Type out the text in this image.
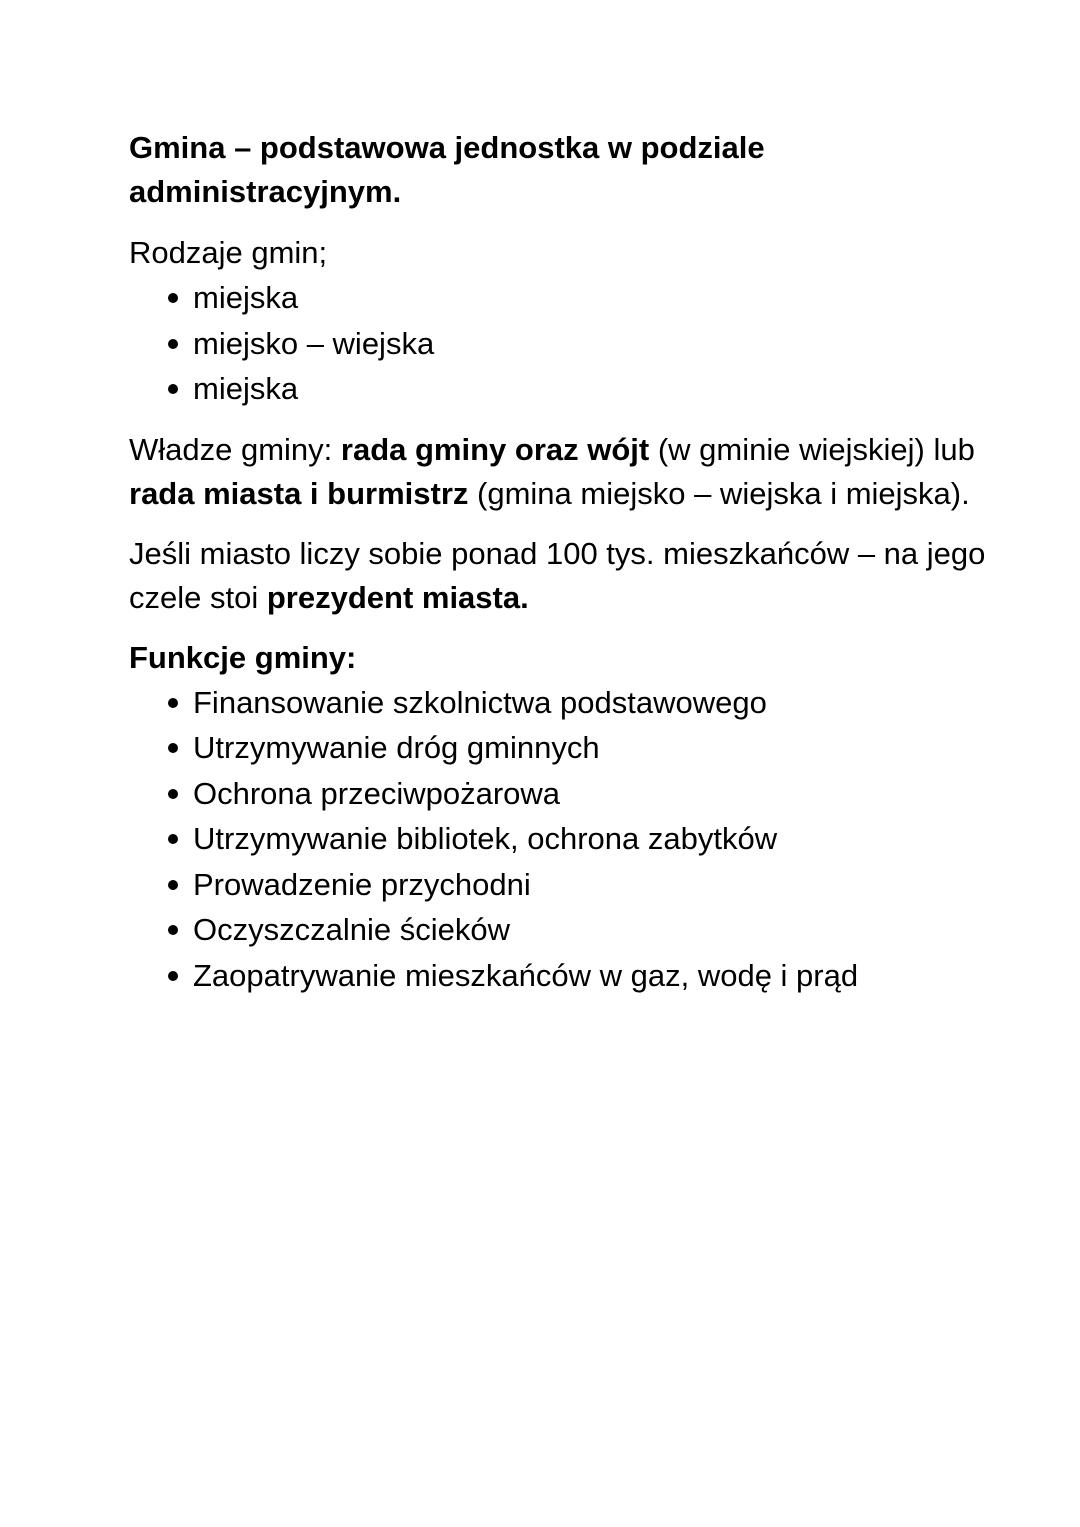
Gmina – podstawowa jednostka w podziale
administracyjnym.

Rodzaje gmin;

miejska
miejsko – wiejska
miejska

Władze gminy: rada gminy oraz wójt (w gminie wiejskiej) lub rada miasta i burmistrz (gmina miejsko – wiejska i miejska).

Jeśli miasto liczy sobie ponad 100 tys. mieszkańców – na jego czele stoi prezydent miasta.

Funkcje gminy:

Finansowanie szkolnictwa podstawowego
Utrzymywanie dróg gminnych
Ochrona przeciwpożarowa
Utrzymywanie bibliotek, ochrona zabytków
Prowadzenie przychodni
Oczyszczalnie ścieków
Zaopatrywanie mieszkańców w gaz, wodę i prąd
